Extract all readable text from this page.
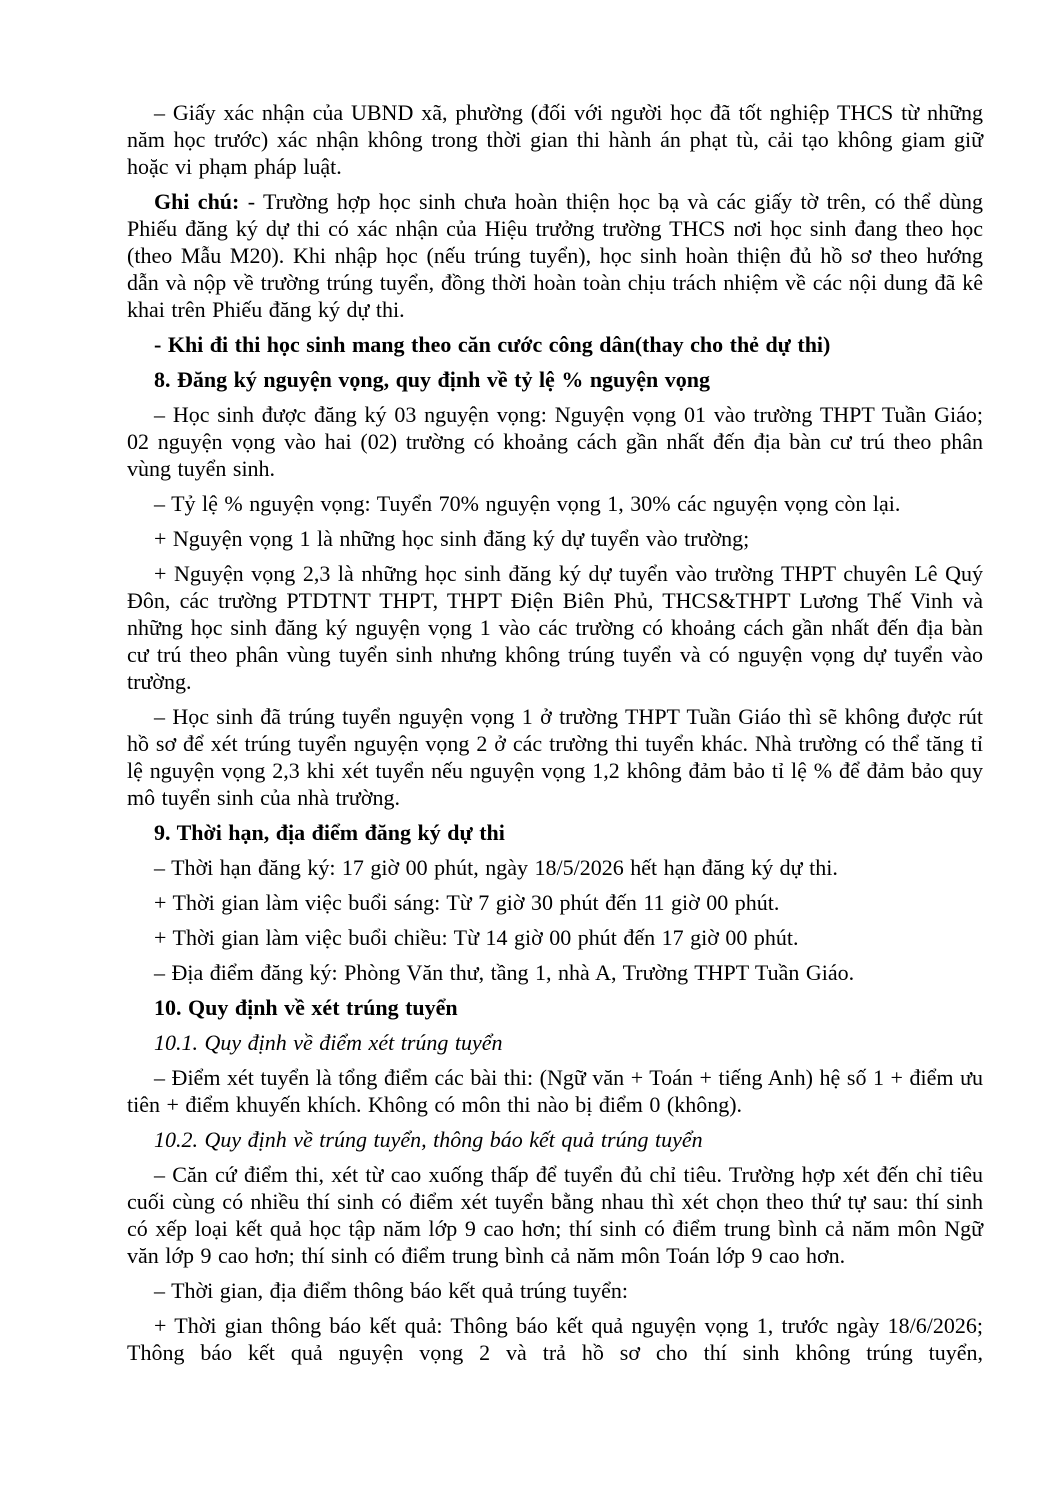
– Giấy xác nhận của UBND xã, phường (đối với người học đã tốt nghiệp THCS từ những năm học trước) xác nhận không trong thời gian thi hành án phạt tù, cải tạo không giam giữ hoặc vi phạm pháp luật.

Ghi chú: - Trường hợp học sinh chưa hoàn thiện học bạ và các giấy tờ trên, có thể dùng Phiếu đăng ký dự thi có xác nhận của Hiệu trưởng trường THCS nơi học sinh đang theo học (theo Mẫu M20). Khi nhập học (nếu trúng tuyển), học sinh hoàn thiện đủ hồ sơ theo hướng dẫn và nộp về trường trúng tuyển, đồng thời hoàn toàn chịu trách nhiệm về các nội dung đã kê khai trên Phiếu đăng ký dự thi.

- Khi đi thi học sinh mang theo căn cước công dân(thay cho thẻ dự thi)

8. Đăng ký nguyện vọng, quy định về tỷ lệ % nguyện vọng

– Học sinh được đăng ký 03 nguyện vọng: Nguyện vọng 01 vào trường THPT Tuần Giáo; 02 nguyện vọng vào hai (02) trường có khoảng cách gần nhất đến địa bàn cư trú theo phân vùng tuyển sinh.

– Tỷ lệ % nguyện vọng: Tuyển 70% nguyện vọng 1, 30% các nguyện vọng còn lại.

+ Nguyện vọng 1 là những học sinh đăng ký dự tuyển vào trường;

+ Nguyện vọng 2,3 là những học sinh đăng ký dự tuyển vào trường THPT chuyên Lê Quý Đôn, các trường PTDTNT THPT, THPT Điện Biên Phủ, THCS&THPT Lương Thế Vinh và những học sinh đăng ký nguyện vọng 1 vào các trường có khoảng cách gần nhất đến địa bàn cư trú theo phân vùng tuyển sinh nhưng không trúng tuyển và có nguyện vọng dự tuyển vào trường.

– Học sinh đã trúng tuyển nguyện vọng 1 ở trường THPT Tuần Giáo thì sẽ không được rút hồ sơ để xét trúng tuyển nguyện vọng 2 ở các trường thi tuyển khác. Nhà trường có thể tăng tỉ lệ nguyện vọng 2,3 khi xét tuyển nếu nguyện vọng 1,2 không đảm bảo tỉ lệ % để đảm bảo quy mô tuyển sinh của nhà trường.

9. Thời hạn, địa điểm đăng ký dự thi

– Thời hạn đăng ký: 17 giờ 00 phút, ngày 18/5/2026 hết hạn đăng ký dự thi.

+ Thời gian làm việc buổi sáng: Từ 7 giờ 30 phút đến 11 giờ 00 phút.

+ Thời gian làm việc buổi chiều: Từ 14 giờ 00 phút đến 17 giờ 00 phút.

– Địa điểm đăng ký: Phòng Văn thư, tầng 1, nhà A, Trường THPT Tuần Giáo.

10. Quy định về xét trúng tuyển

10.1. Quy định về điểm xét trúng tuyển

– Điểm xét tuyển là tổng điểm các bài thi: (Ngữ văn + Toán + tiếng Anh) hệ số 1 + điểm ưu tiên + điểm khuyến khích. Không có môn thi nào bị điểm 0 (không).

10.2. Quy định về trúng tuyển, thông báo kết quả trúng tuyển

– Căn cứ điểm thi, xét từ cao xuống thấp để tuyển đủ chỉ tiêu. Trường hợp xét đến chỉ tiêu cuối cùng có nhiều thí sinh có điểm xét tuyển bằng nhau thì xét chọn theo thứ tự sau: thí sinh có xếp loại kết quả học tập năm lớp 9 cao hơn; thí sinh có điểm trung bình cả năm môn Ngữ văn lớp 9 cao hơn; thí sinh có điểm trung bình cả năm môn Toán lớp 9 cao hơn.

– Thời gian, địa điểm thông báo kết quả trúng tuyển:

+ Thời gian thông báo kết quả: Thông báo kết quả nguyện vọng 1, trước ngày 18/6/2026; Thông báo kết quả nguyện vọng 2 và trả hồ sơ cho thí sinh không trúng tuyển,
